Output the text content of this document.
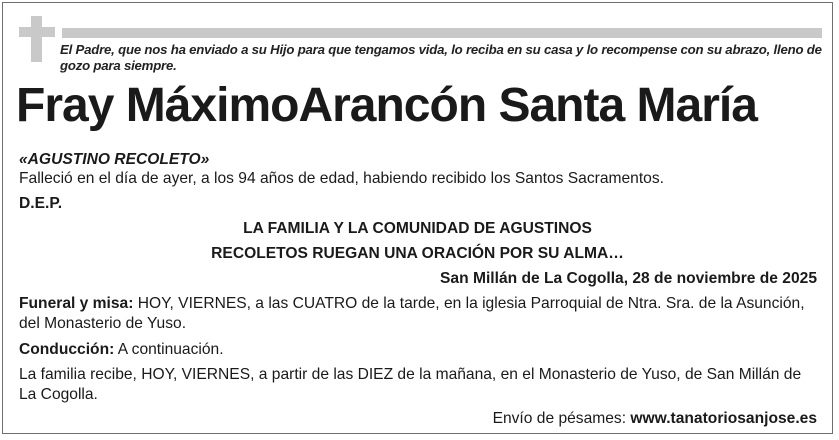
El Padre, que nos ha enviado a su Hijo para que tengamos vida, lo reciba en su casa y lo recompense con su abrazo, lleno de gozo para siempre.
Fray MáximoArancón Santa María
«AGUSTINO RECOLETO»
Falleció en el día de ayer, a los 94 años de edad, habiendo recibido los Santos Sacramentos.
D.E.P.
LA FAMILIA Y LA COMUNIDAD DE AGUSTINOS
RECOLETOS RUEGAN UNA ORACIÓN POR SU ALMA…
San Millán de La Cogolla, 28 de noviembre de 2025
Funeral y misa: HOY, VIERNES, a las CUATRO de la tarde, en la iglesia Parroquial de Ntra. Sra. de la Asunción, del Monasterio de Yuso.
Conducción: A continuación.
La familia recibe, HOY, VIERNES, a partir de las DIEZ de la mañana, en el Monasterio de Yuso, de San Millán de La Cogolla.
Envío de pésames: www.tanatoriosanjose.es
